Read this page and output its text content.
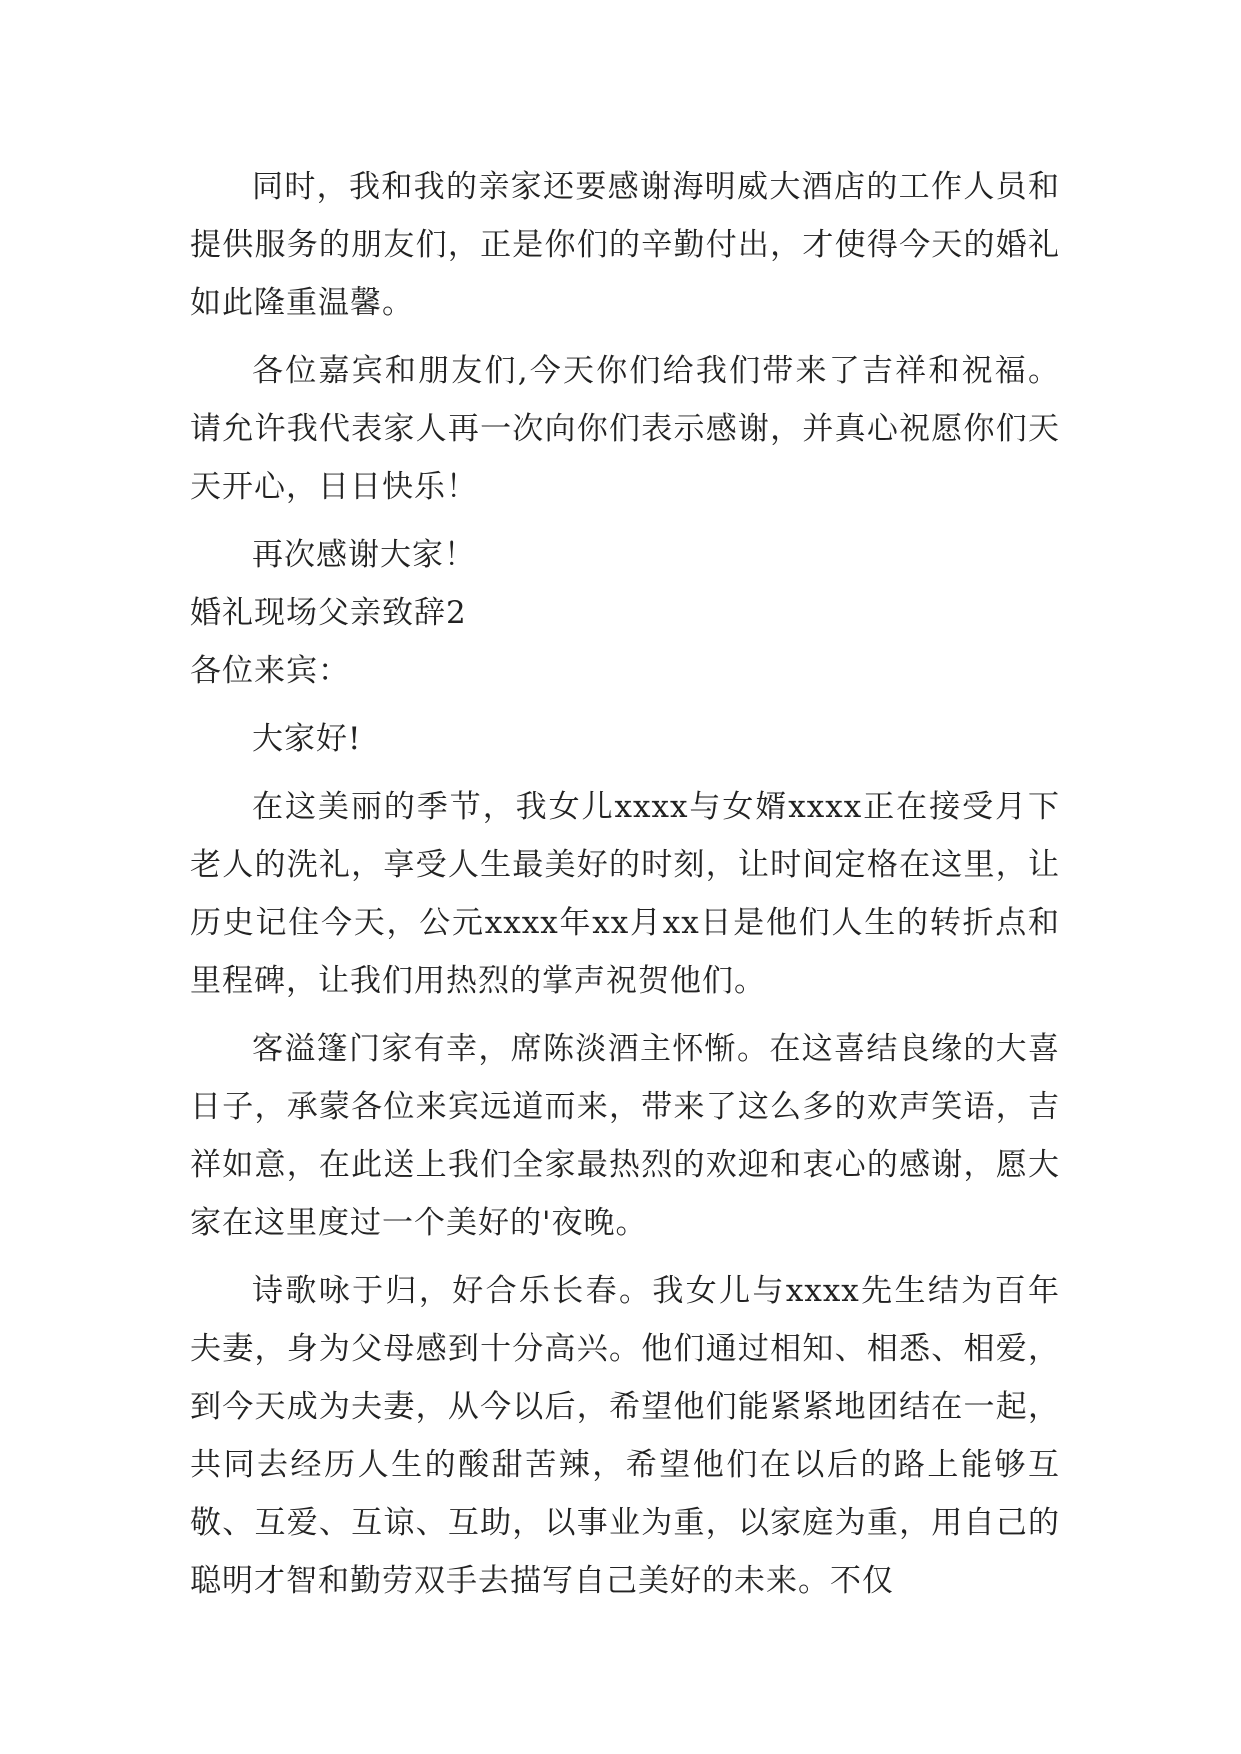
同时，我和我的亲家还要感谢海明威大酒店的工作人员和提供服务的朋友们，正是你们的辛勤付出，才使得今天的婚礼如此隆重温馨。

各位嘉宾和朋友们,今天你们给我们带来了吉祥和祝福。请允许我代表家人再一次向你们表示感谢，并真心祝愿你们天天开心，日日快乐！

再次感谢大家！

婚礼现场父亲致辞2

各位来宾：

大家好!

在这美丽的季节，我女儿xxxx与女婿xxxx正在接受月下老人的洗礼，享受人生最美好的时刻，让时间定格在这里，让历史记住今天，公元xxxx年xx月xx日是他们人生的转折点和里程碑，让我们用热烈的掌声祝贺他们。

客溢篷门家有幸，席陈淡酒主怀惭。在这喜结良缘的大喜日子，承蒙各位来宾远道而来，带来了这么多的欢声笑语，吉祥如意，在此送上我们全家最热烈的欢迎和衷心的感谢，愿大家在这里度过一个美好的'夜晚。

诗歌咏于归，好合乐长春。我女儿与xxxx先生结为百年夫妻，身为父母感到十分高兴。他们通过相知、相悉、相爱，到今天成为夫妻，从今以后，希望他们能紧紧地团结在一起，共同去经历人生的酸甜苦辣，希望他们在以后的路上能够互敬、互爱、互谅、互助，以事业为重，以家庭为重，用自己的聪明才智和勤劳双手去描写自己美好的未来。不仅
